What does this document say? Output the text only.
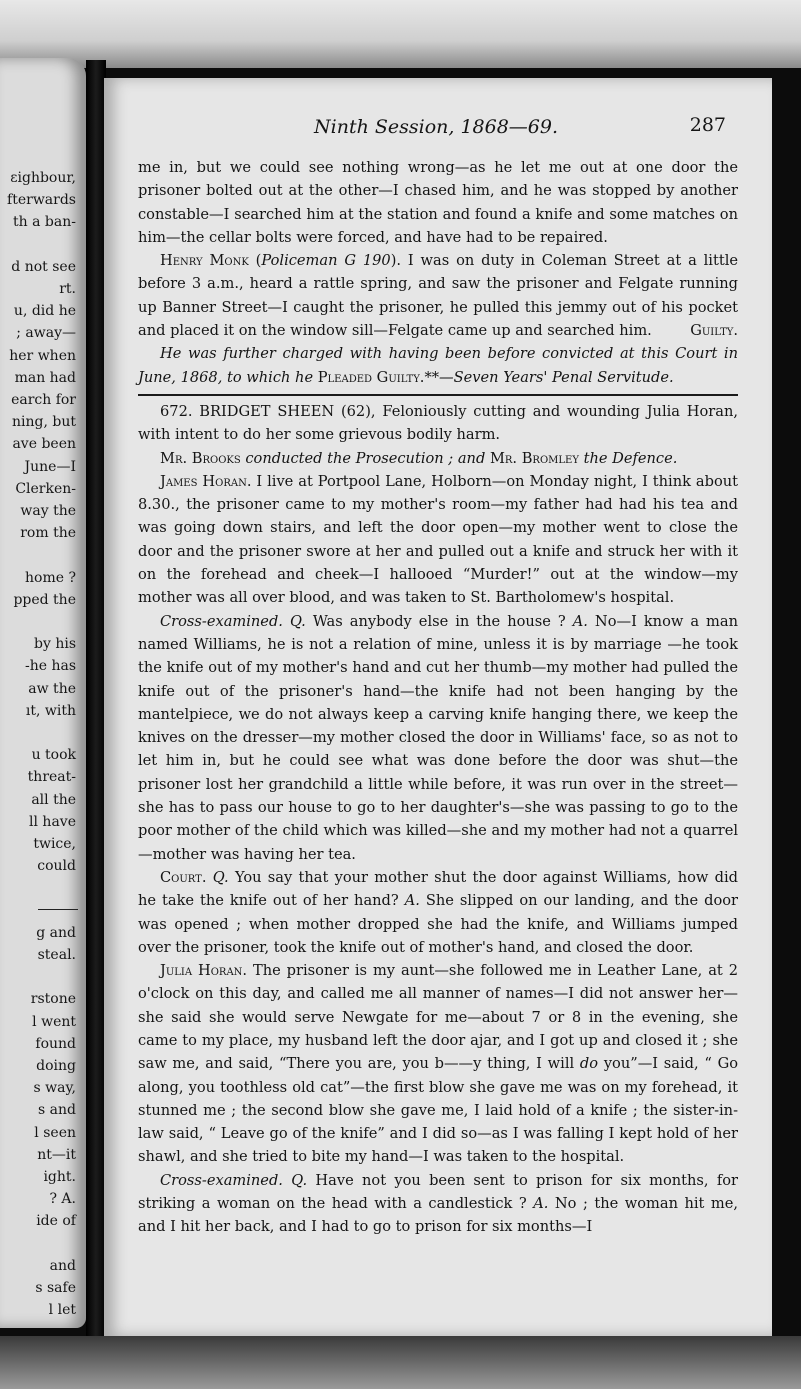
ɛighbour,
fterwards
th a ban-
d not see
rt.
u, did he
; away—
her when
man had
earch for
ning, but
ave been
June—I
Clerken-
way the
rom the
home ?
pped the
by his
-he has
aw the
ıt, with
u took
threat-
all the
ll have
twice,
could
g and
steal.
rstone
l went
found
doing
s way,
s and
l seen
nt—it
ight.
? A.
ide of
and
s safe
l let
Ninth Session, 1868—69.	287

me in, but we could see nothing wrong—as he let me out at one door the prisoner bolted out at the other—I chased him, and he was stopped by another constable—I searched him at the station and found a knife and some matches on him—the cellar bolts were forced, and have had to be repaired.

Henry Monk (Policeman G 190). I was on duty in Coleman Street at a little before 3 a.m., heard a rattle spring, and saw the prisoner and Felgate running up Banner Street—I caught the prisoner, he pulled this jemmy out of his pocket and placed it on the window sill—Felgate came up and searched him.	Guilty.

He was further charged with having been before convicted at this Court in June, 1868, to which he Pleaded Guilty.**—Seven Years' Penal Servitude.

672. BRIDGET SHEEN (62), Feloniously cutting and wounding Julia Horan, with intent to do her some grievous bodily harm.

Mr. Brooks conducted the Prosecution ; and Mr. Bromley the Defence.

James Horan. I live at Portpool Lane, Holborn—on Monday night, I think about 8.30., the prisoner came to my mother's room—my father had had his tea and was going down stairs, and left the door open—my mother went to close the door and the prisoner swore at her and pulled out a knife and struck her with it on the forehead and cheek—I hallooed “Murder!” out at the window—my mother was all over blood, and was taken to St. Bartholomew's hospital.

Cross-examined. Q. Was anybody else in the house ? A. No—I know a man named Williams, he is not a relation of mine, unless it is by marriage —he took the knife out of my mother's hand and cut her thumb—my mother had pulled the knife out of the prisoner's hand—the knife had not been hanging by the mantelpiece, we do not always keep a carving knife hanging there, we keep the knives on the dresser—my mother closed the door in Williams' face, so as not to let him in, but he could see what was done before the door was shut—the prisoner lost her grandchild a little while before, it was run over in the street—she has to pass our house to go to her daughter's—she was passing to go to the poor mother of the child which was killed—she and my mother had not a quarrel—mother was having her tea.

Court. Q. You say that your mother shut the door against Williams, how did he take the knife out of her hand? A. She slipped on our landing, and the door was opened ; when mother dropped she had the knife, and Williams jumped over the prisoner, took the knife out of mother's hand, and closed the door.

Julia Horan. The prisoner is my aunt—she followed me in Leather Lane, at 2 o'clock on this day, and called me all manner of names—I did not answer her—she said she would serve Newgate for me—about 7 or 8 in the evening, she came to my place, my husband left the door ajar, and I got up and closed it ; she saw me, and said, “There you are, you b——y thing, I will do you”—I said, “ Go along, you toothless old cat”—the first blow she gave me was on my forehead, it stunned me ; the second blow she gave me, I laid hold of a knife ; the sister-in-law said, “ Leave go of the knife” and I did so—as I was falling I kept hold of her shawl, and she tried to bite my hand—I was taken to the hospital.

Cross-examined. Q. Have not you been sent to prison for six months, for striking a woman on the head with a candlestick ? A. No ; the woman hit me, and I hit her back, and I had to go to prison for six months—I
